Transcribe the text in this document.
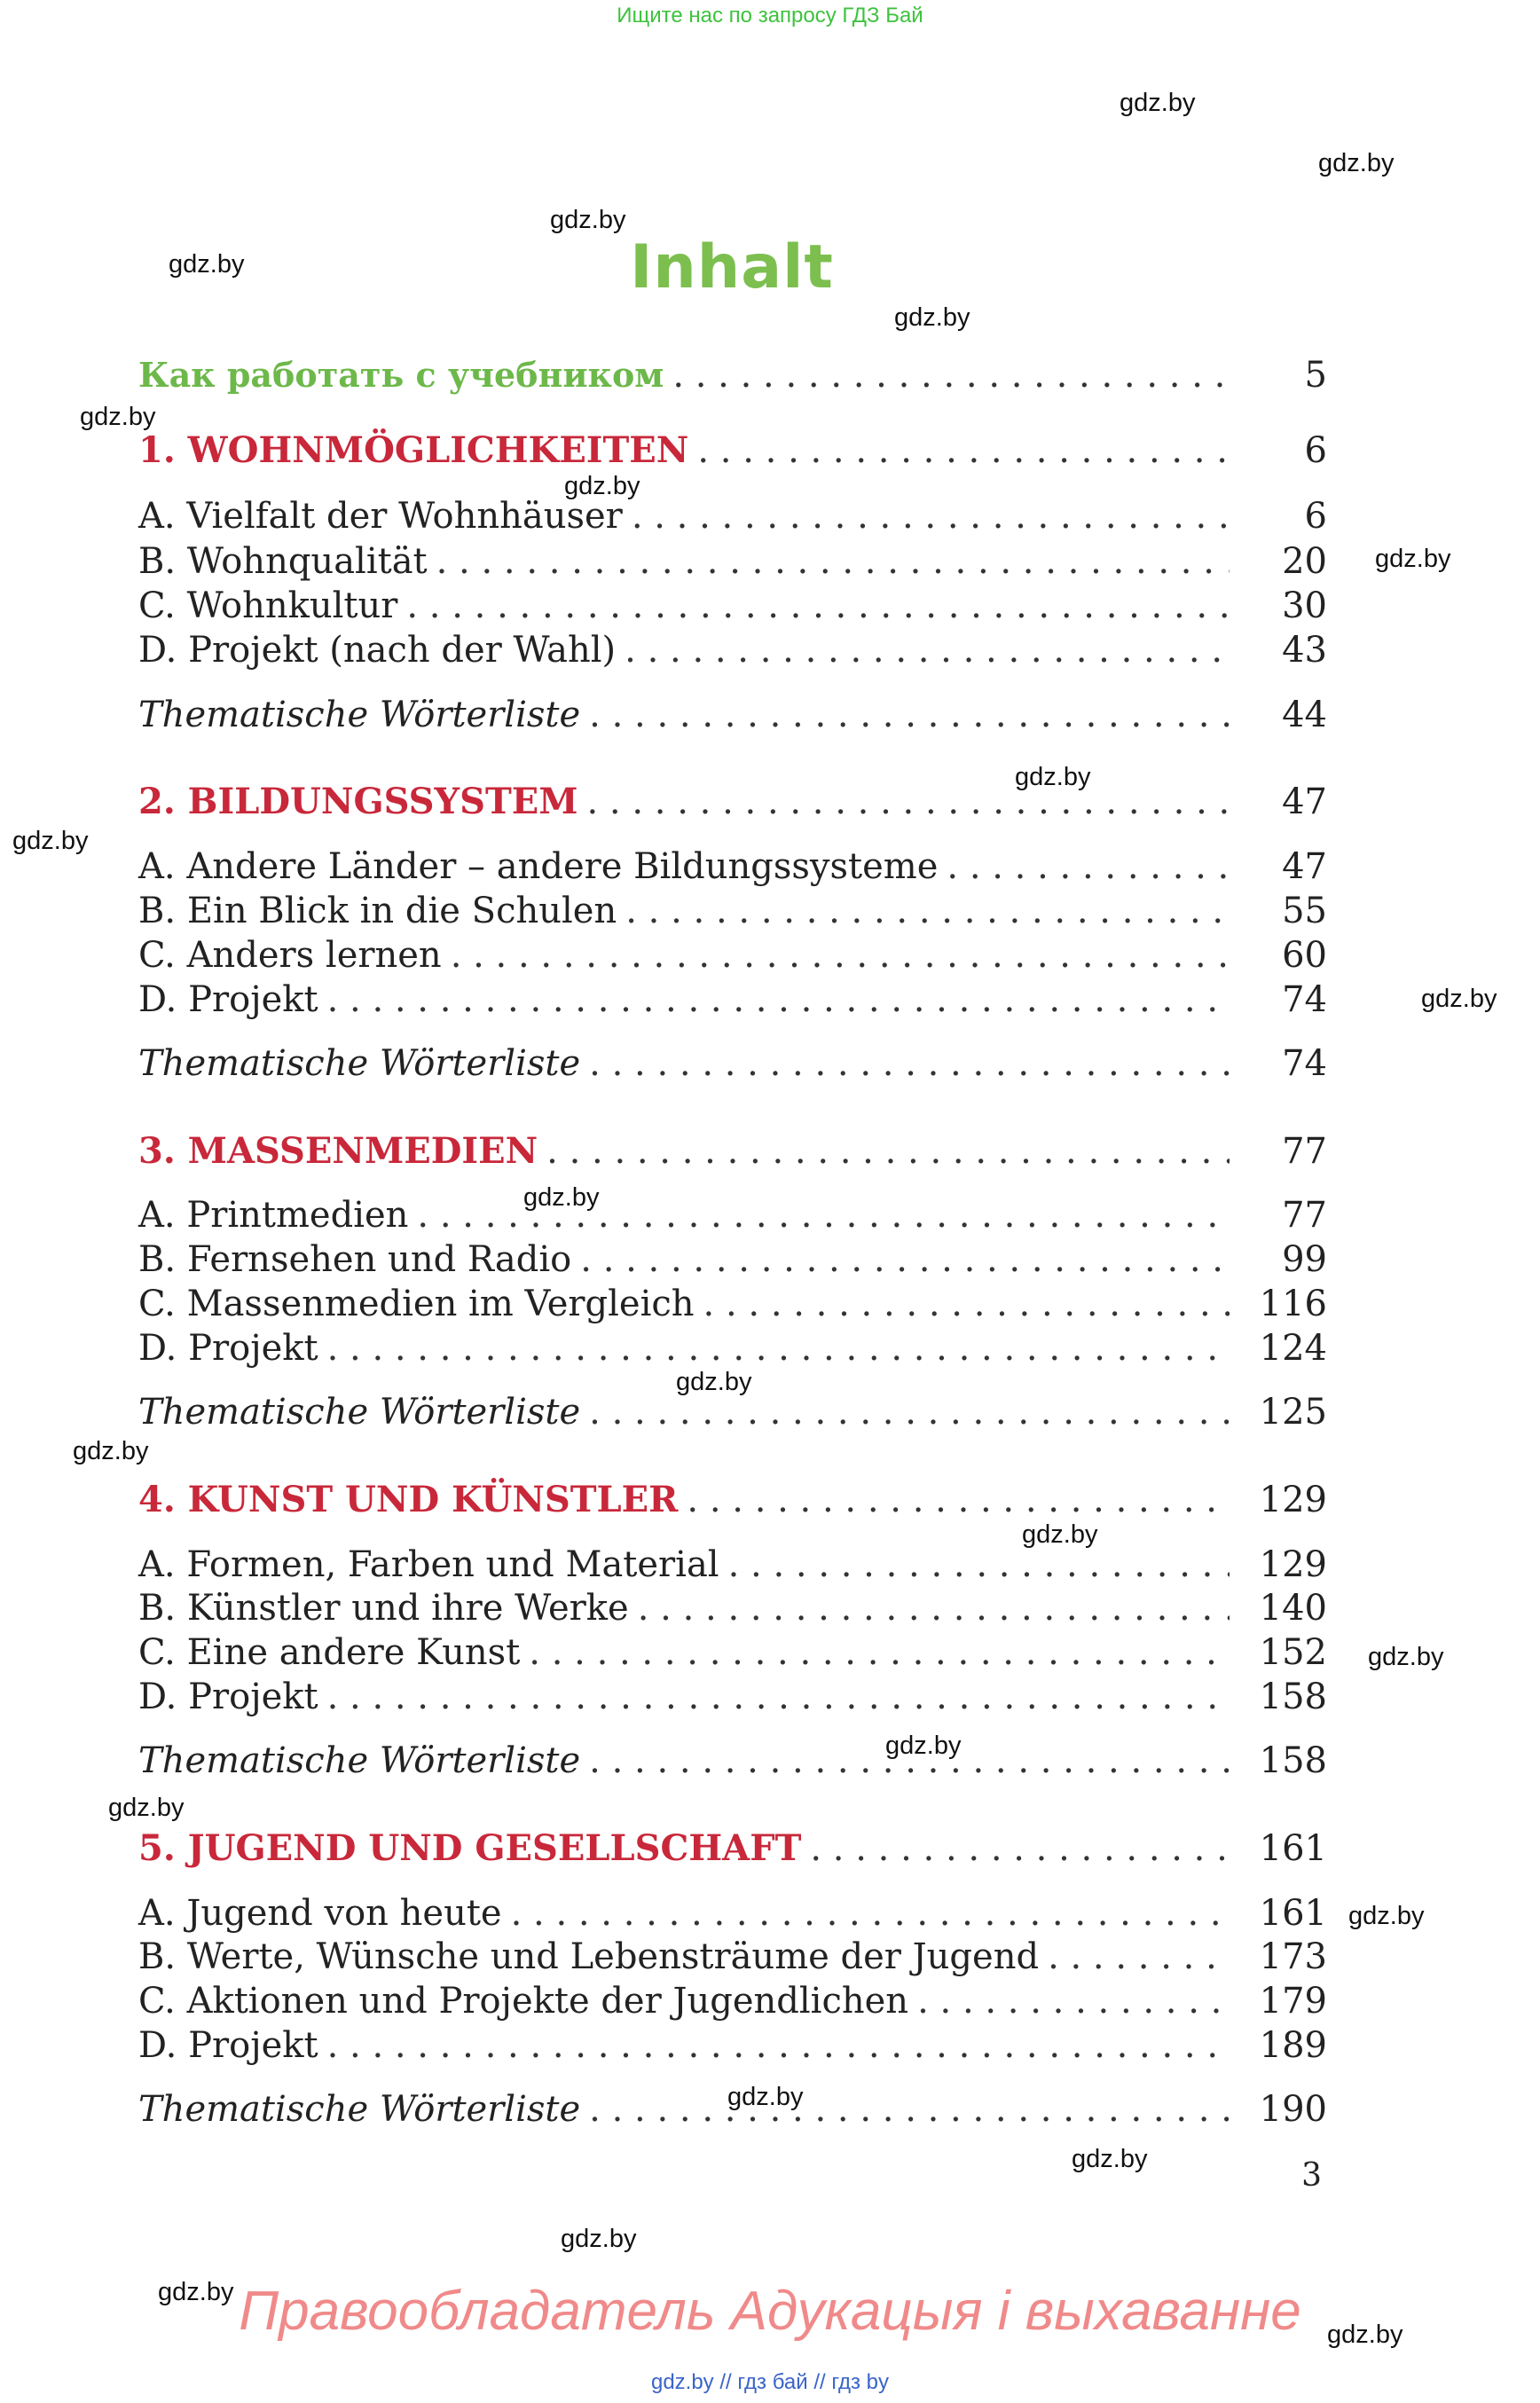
Ищите нас по запросу ГДЗ Бай
Inhalt
Как работать с учебником . . .	5
1. WOHNMÖGLICHKEITEN . . .	6
A. Vielfalt der Wohnhäuser . . .	6
B. Wohnqualität . . .	20
C. Wohnkultur . . .	30
D. Projekt (nach der Wahl) . . .	43
Thematische Wörterliste . . .	44
2. BILDUNGSSYSTEM . . .	47
A. Andere Länder – andere Bildungssysteme . . .	47
B. Ein Blick in die Schulen . . .	55
C. Anders lernen . . .	60
D. Projekt . . .	74
Thematische Wörterliste . . .	74
3. MASSENMEDIEN . . .	77
A. Printmedien . . .	77
B. Fernsehen und Radio . . .	99
C. Massenmedien im Vergleich . . .	116
D. Projekt . . .	124
Thematische Wörterliste . . .	125
4. KUNST UND KÜNSTLER . . .	129
A. Formen, Farben und Material . . .	129
B. Künstler und ihre Werke . . .	140
C. Eine andere Kunst . . .	152
D. Projekt . . .	158
Thematische Wörterliste . . .	158
5. JUGEND UND GESELLSCHAFT . . .	161
A. Jugend von heute . . .	161
B. Werte, Wünsche und Lebensträume der Jugend . . .	173
C. Aktionen und Projekte der Jugendlichen . . .	179
D. Projekt . . .	189
Thematische Wörterliste . . .	190
3
gdz.by
gdz.by
gdz.by
gdz.by
gdz.by
gdz.by
gdz.by
gdz.by
gdz.by
gdz.by
gdz.by
gdz.by
gdz.by
gdz.by
gdz.by
gdz.by
gdz.by
gdz.by
gdz.by
gdz.by
gdz.by
gdz.by
gdz.by
gdz.by
Правообладатель Адукацыя і выхаванне
gdz.by // гдз бай // гдз by
